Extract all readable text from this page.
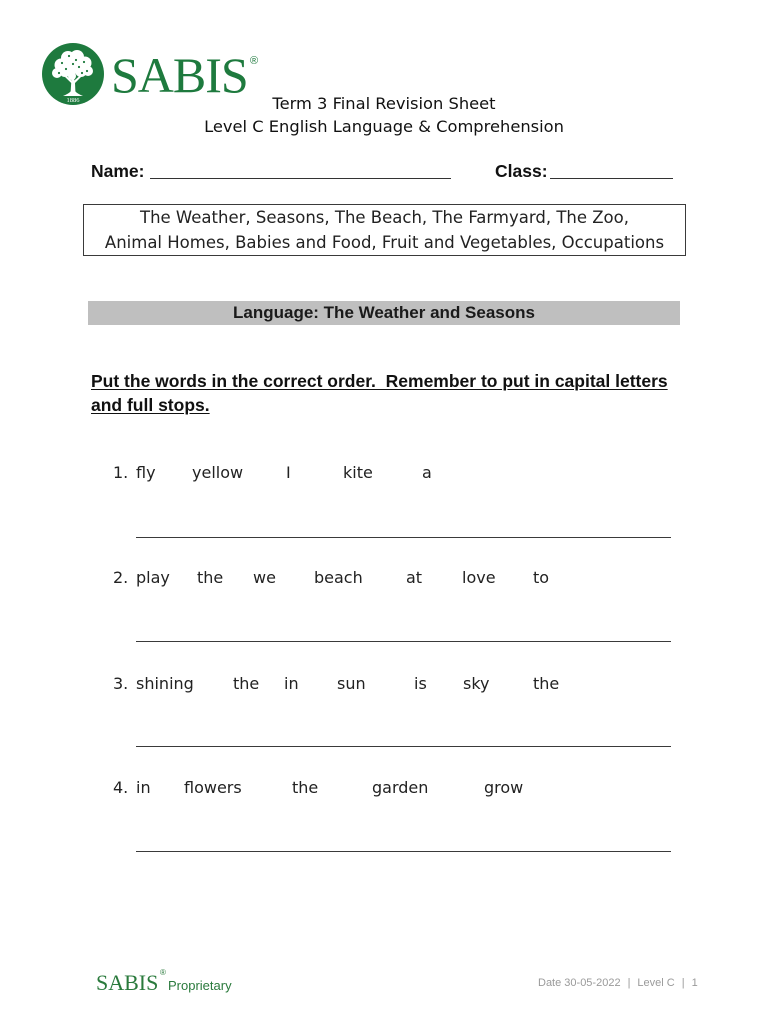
1886 SABIS ®
Term 3 Final Revision Sheet
Level C English Language & Comprehension
Name:	Class:
The Weather, Seasons, The Beach, The Farmyard, The Zoo,
Animal Homes, Babies and Food, Fruit and Vegetables, Occupations
Language: The Weather and Seasons
Put the words in the correct order.  Remember to put in capital letters
and full stops.
1. fly yellow	I	kite	a
2. play the we beach	at love to
3. shining the in sun	is sky	the
4. in flowers	the	garden	grow
SABIS ®
Proprietary	Date 30-05-2022 | Level C | 1
